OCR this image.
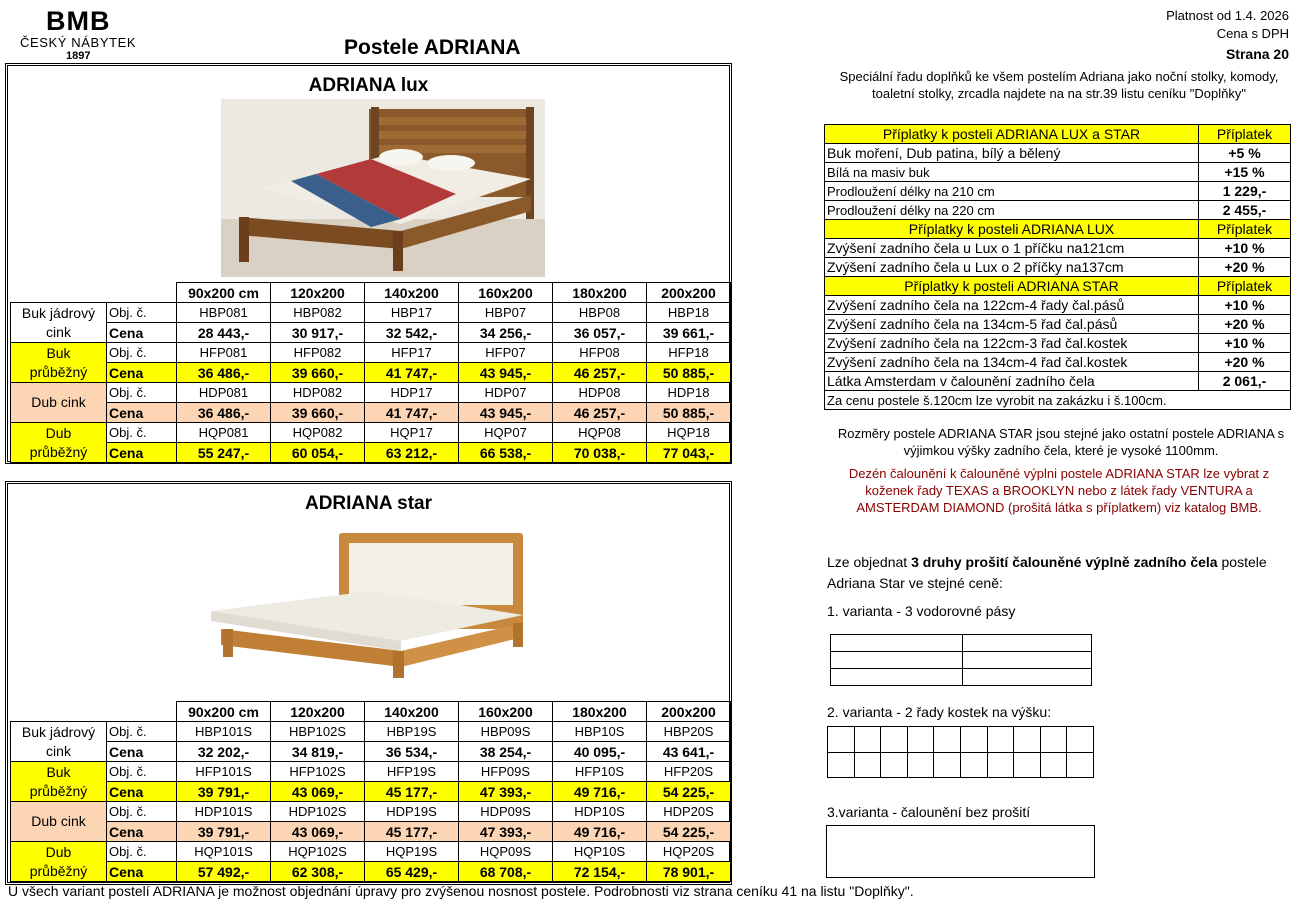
BMB
ČESKÝ NÁBYTEK
1897	Postele ADRIANA
Platnost od 1.4. 2026
Cena s DPH
Strana 20
ADRIANA lux
		90x200 cm	120x200	140x200	160x200	180x200	200x200

Buk jádrový
cink	Obj. č.	HBP081	HBP082	HBP17	HBP07	HBP08	HBP18
	Cena	28 443,-	30 917,-	32 542,-	34 256,-	36 057,-	39 661,-

Buk
průběžný	Obj. č.	HFP081	HFP082	HFP17	HFP07	HFP08	HFP18
	Cena	36 486,-	39 660,-	41 747,-	43 945,-	46 257,-	50 885,-

Dub cink	Obj. č.	HDP081	HDP082	HDP17	HDP07	HDP08	HDP18
	Cena	36 486,-	39 660,-	41 747,-	43 945,-	46 257,-	50 885,-

Dub
průběžný	Obj. č.	HQP081	HQP082	HQP17	HQP07	HQP08	HQP18
	Cena	55 247,-	60 054,-	63 212,-	66 538,-	70 038,-	77 043,-
ADRIANA star
		90x200 cm	120x200	140x200	160x200	180x200	200x200

Buk jádrový
cink	Obj. č.	HBP101S	HBP102S	HBP19S	HBP09S	HBP10S	HBP20S
	Cena	32 202,-	34 819,-	36 534,-	38 254,-	40 095,-	43 641,-

Buk
průběžný	Obj. č.	HFP101S	HFP102S	HFP19S	HFP09S	HFP10S	HFP20S
	Cena	39 791,-	43 069,-	45 177,-	47 393,-	49 716,-	54 225,-

Dub cink	Obj. č.	HDP101S	HDP102S	HDP19S	HDP09S	HDP10S	HDP20S
	Cena	39 791,-	43 069,-	45 177,-	47 393,-	49 716,-	54 225,-

Dub
průběžný	Obj. č.	HQP101S	HQP102S	HQP19S	HQP09S	HQP10S	HQP20S
	Cena	57 492,-	62 308,-	65 429,-	68 708,-	72 154,-	78 901,-
Speciální řadu doplňků ke všem postelím Adriana jako noční stolky, komody, toaletní stolky, zrcadla najdete na na str.39 listu ceníku "Doplňky"
Příplatky k posteli ADRIANA LUX a STAR	Příplatek
Buk moření, Dub patina, bílý a bělený	+5 %
Bílá na masiv buk	+15 %
Prodloužení délky na 210 cm	1 229,-
Prodloužení délky na 220 cm	2 455,-
Příplatky k posteli ADRIANA LUX	Příplatek
Zvýšení zadního čela u Lux o 1 příčku na121cm	+10 %
Zvýšení zadního čela u Lux o 2 příčky na137cm	+20 %
Příplatky k posteli ADRIANA STAR	Příplatek
Zvýšení zadního čela na 122cm-4 řady čal.pásů	+10 %
Zvýšení zadního čela na 134cm-5 řad čal.pásů	+20 %
Zvýšení zadního čela na 122cm-3 řad čal.kostek	+10 %
Zvýšení zadního čela na 134cm-4 řad čal.kostek	+20 %
Látka Amsterdam v čalounění zadního čela	2 061,-
Za cenu postele š.120cm lze vyrobit na zakázku i š.100cm.	
Rozměry postele ADRIANA STAR jsou stejné jako ostatní postele ADRIANA s výjimkou výšky zadního čela, které je vysoké 1100mm.
Dezén čalounění k čalouněné výplni postele ADRIANA STAR lze vybrat z koženek řady TEXAS a BROOKLYN nebo z látek řady VENTURA a AMSTERDAM DIAMOND (prošitá látka s příplatkem) viz katalog BMB.
Lze objednat 3 druhy prošití čalouněné výplně zadního čela postele Adriana Star ve stejné ceně:
1. varianta - 3 vodorovné pásy

2. varianta - 2 řady kostek na výšku:

3.varianta - čalounění bez prošití
U všech variant postelí ADRIANA je možnost objednání úpravy pro zvýšenou nosnost postele. Podrobnosti viz strana ceníku 41 na listu "Doplňky".
